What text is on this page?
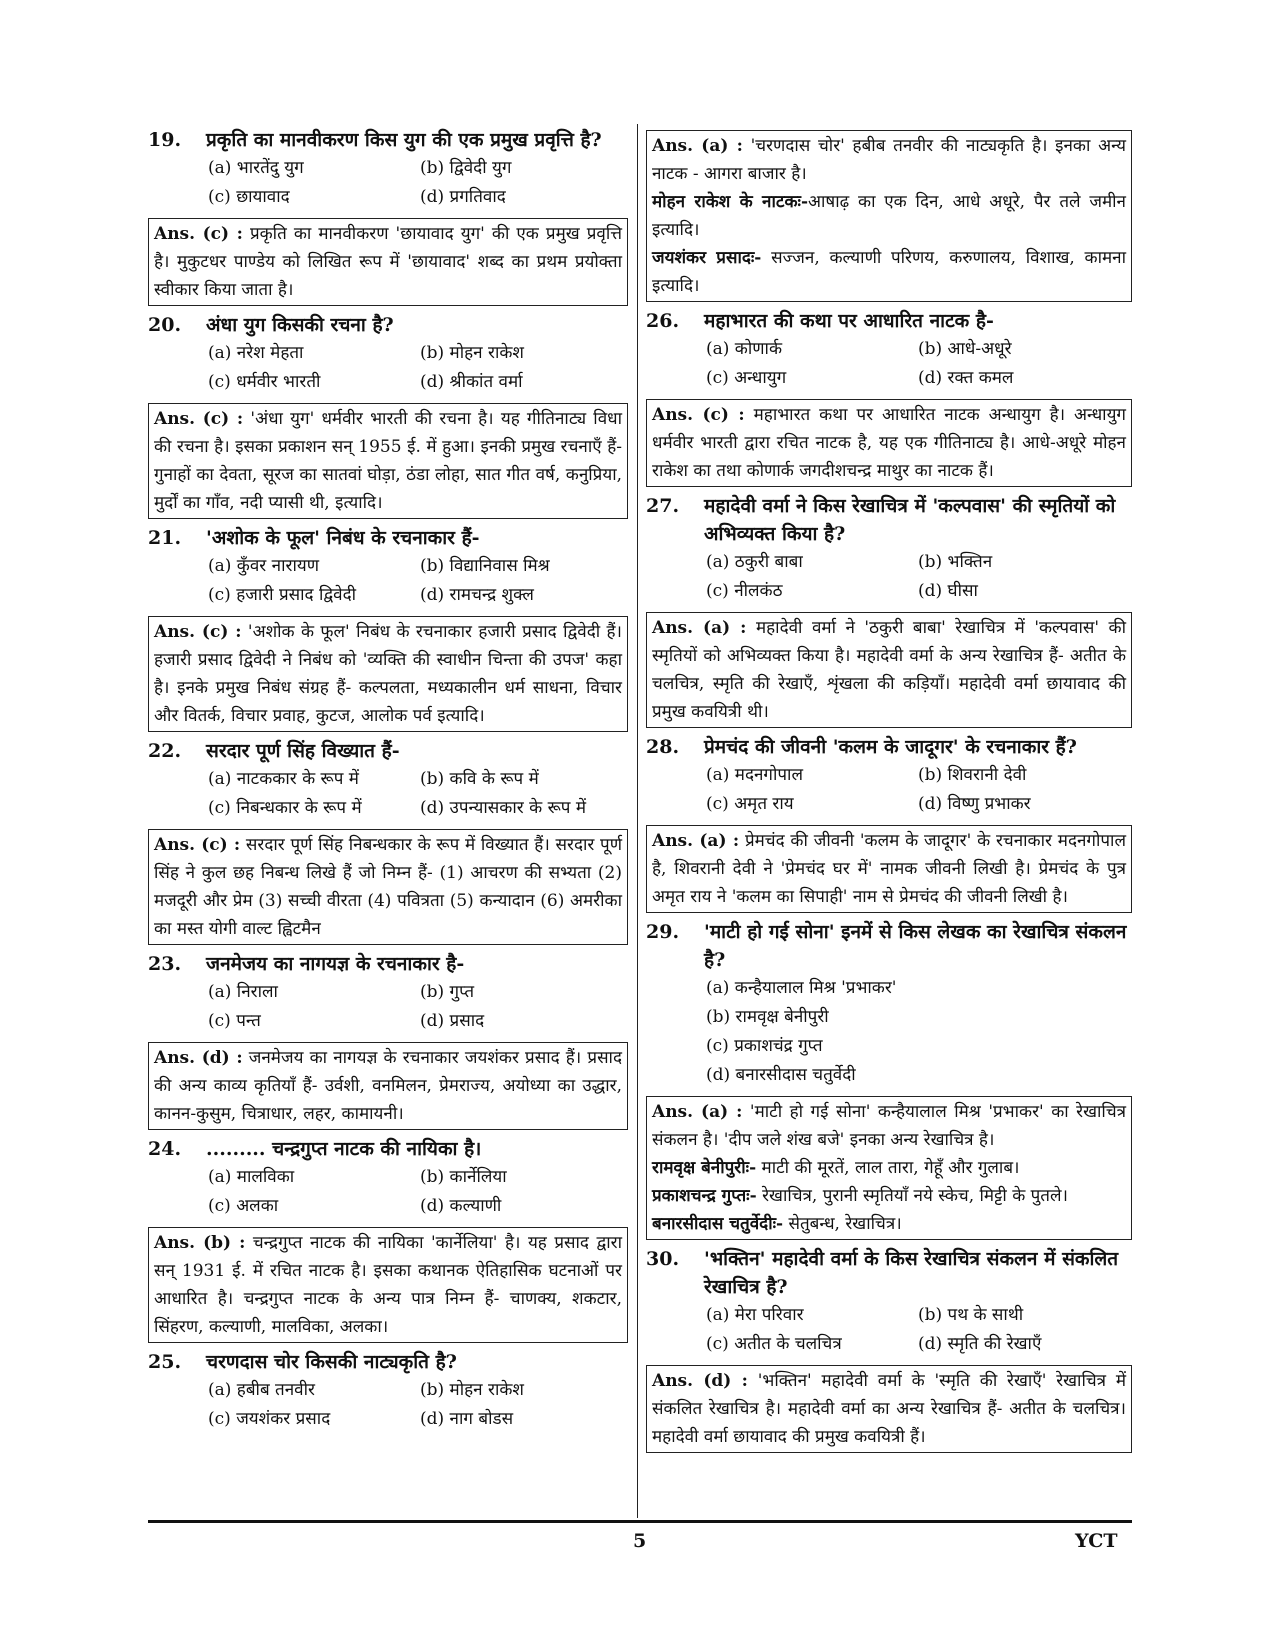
19.	प्रकृति का मानवीकरण किस युग की एक प्रमुख प्रवृत्ति है?
(a) भारतेंदु युग	(b) द्विवेदी युग
(c) छायावाद	(d) प्रगतिवाद

Ans. (c) : प्रकृति का मानवीकरण 'छायावाद युग' की एक प्रमुख प्रवृत्ति है। मुकुटधर पाण्डेय को लिखित रूप में 'छायावाद' शब्द का प्रथम प्रयोक्ता स्वीकार किया जाता है।

20.	अंधा युग किसकी रचना है?
(a) नरेश मेहता	(b) मोहन राकेश
(c) धर्मवीर भारती	(d) श्रीकांत वर्मा

Ans. (c) : 'अंधा युग' धर्मवीर भारती की रचना है। यह गीतिनाट्य विधा की रचना है। इसका प्रकाशन सन् 1955 ई. में हुआ। इनकी प्रमुख रचनाएँ हैं- गुनाहों का देवता, सूरज का सातवां घोड़ा, ठंडा लोहा, सात गीत वर्ष, कनुप्रिया, मुर्दों का गाँव, नदी प्यासी थी, इत्यादि।

21.	'अशोक के फूल' निबंध के रचनाकार हैं-
(a) कुँवर नारायण	(b) विद्यानिवास मिश्र
(c) हजारी प्रसाद द्विवेदी	(d) रामचन्द्र शुक्ल

Ans. (c) : 'अशोक के फूल' निबंध के रचनाकार हजारी प्रसाद द्विवेदी हैं। हजारी प्रसाद द्विवेदी ने निबंध को 'व्यक्ति की स्वाधीन चिन्ता की उपज' कहा है। इनके प्रमुख निबंध संग्रह हैं- कल्पलता, मध्यकालीन धर्म साधना, विचार और वितर्क, विचार प्रवाह, कुटज, आलोक पर्व इत्यादि।

22.	सरदार पूर्ण सिंह विख्यात हैं-
(a) नाटककार के रूप में	(b) कवि के रूप में
(c) निबन्धकार के रूप में	(d) उपन्यासकार के रूप में

Ans. (c) : सरदार पूर्ण सिंह निबन्धकार के रूप में विख्यात हैं। सरदार पूर्ण सिंह ने कुल छह निबन्ध लिखे हैं जो निम्न हैं- (1) आचरण की सभ्यता (2) मजदूरी और प्रेम (3) सच्ची वीरता (4) पवित्रता (5) कन्यादान (6) अमरीका का मस्त योगी वाल्ट ह्विटमैन

23.	जनमेजय का नागयज्ञ के रचनाकार है-
(a) निराला	(b) गुप्त
(c) पन्त	(d) प्रसाद

Ans. (d) : जनमेजय का नागयज्ञ के रचनाकार जयशंकर प्रसाद हैं। प्रसाद की अन्य काव्य कृतियाँ हैं- उर्वशी, वनमिलन, प्रेमराज्य, अयोध्या का उद्धार, कानन-कुसुम, चित्राधार, लहर, कामायनी।

24.	......... चन्द्रगुप्त नाटक की नायिका है।
(a) मालविका	(b) कार्नेलिया
(c) अलका	(d) कल्याणी

Ans. (b) : चन्द्रगुप्त नाटक की नायिका 'कार्नेलिया' है। यह प्रसाद द्वारा सन् 1931 ई. में रचित नाटक है। इसका कथानक ऐतिहासिक घटनाओं पर आधारित है। चन्द्रगुप्त नाटक के अन्य पात्र निम्न हैं- चाणक्य, शकटार, सिंहरण, कल्याणी, मालविका, अलका।

25.	चरणदास चोर किसकी नाट्यकृति है?
(a) हबीब तनवीर	(b) मोहन राकेश
(c) जयशंकर प्रसाद	(d) नाग बोडस

Ans. (a) : 'चरणदास चोर' हबीब तनवीर की नाट्यकृति है। इनका अन्य नाटक - आगरा बाजार है।

मोहन राकेश के नाटकः-आषाढ़ का एक दिन, आधे अधूरे, पैर तले जमीन इत्यादि।

जयशंकर प्रसादः- सज्जन, कल्याणी परिणय, करुणालय, विशाख, कामना इत्यादि।

26.	महाभारत की कथा पर आधारित नाटक है-
(a) कोणार्क	(b) आधे-अधूरे
(c) अन्धायुग	(d) रक्त कमल

Ans. (c) : महाभारत कथा पर आधारित नाटक अन्धायुग है। अन्धायुग धर्मवीर भारती द्वारा रचित नाटक है, यह एक गीतिनाट्य है। आधे-अधूरे मोहन राकेश का तथा कोणार्क जगदीशचन्द्र माथुर का नाटक हैं।

27.	महादेवी वर्मा ने किस रेखाचित्र में 'कल्पवास' की स्मृतियों को अभिव्यक्त किया है?
(a) ठकुरी बाबा	(b) भक्तिन
(c) नीलकंठ	(d) घीसा

Ans. (a) : महादेवी वर्मा ने 'ठकुरी बाबा' रेखाचित्र में 'कल्पवास' की स्मृतियों को अभिव्यक्त किया है। महादेवी वर्मा के अन्य रेखाचित्र हैं- अतीत के चलचित्र, स्मृति की रेखाएँ, शृंखला की कड़ियाँ। महादेवी वर्मा छायावाद की प्रमुख कवयित्री थी।

28.	प्रेमचंद की जीवनी 'कलम के जादूगर' के रचनाकार हैं?
(a) मदनगोपाल	(b) शिवरानी देवी
(c) अमृत राय	(d) विष्णु प्रभाकर

Ans. (a) : प्रेमचंद की जीवनी 'कलम के जादूगर' के रचनाकार मदनगोपाल है, शिवरानी देवी ने 'प्रेमचंद घर में' नामक जीवनी लिखी है। प्रेमचंद के पुत्र अमृत राय ने 'कलम का सिपाही' नाम से प्रेमचंद की जीवनी लिखी है।

29.	'माटी हो गई सोना' इनमें से किस लेखक का रेखाचित्र संकलन है?
(a) कन्हैयालाल मिश्र 'प्रभाकर'
(b) रामवृक्ष बेनीपुरी
(c) प्रकाशचंद्र गुप्त
(d) बनारसीदास चतुर्वेदी

Ans. (a) : 'माटी हो गई सोना' कन्हैयालाल मिश्र 'प्रभाकर' का रेखाचित्र संकलन है। 'दीप जले शंख बजे' इनका अन्य रेखाचित्र है।

रामवृक्ष बेनीपुरीः- माटी की मूरतें, लाल तारा, गेहूँ और गुलाब।

प्रकाशचन्द्र गुप्तः- रेखाचित्र, पुरानी स्मृतियाँ नये स्केच, मिट्टी के पुतले।

बनारसीदास चतुर्वेदीः- सेतुबन्ध, रेखाचित्र।

30.	'भक्तिन' महादेवी वर्मा के किस रेखाचित्र संकलन में संकलित रेखाचित्र है?
(a) मेरा परिवार	(b) पथ के साथी
(c) अतीत के चलचित्र	(d) स्मृति की रेखाएँ

Ans. (d) : 'भक्तिन' महादेवी वर्मा के 'स्मृति की रेखाएँ' रेखाचित्र में संकलित रेखाचित्र है। महादेवी वर्मा का अन्य रेखाचित्र हैं- अतीत के चलचित्र। महादेवी वर्मा छायावाद की प्रमुख कवयित्री हैं।

5	YCT
